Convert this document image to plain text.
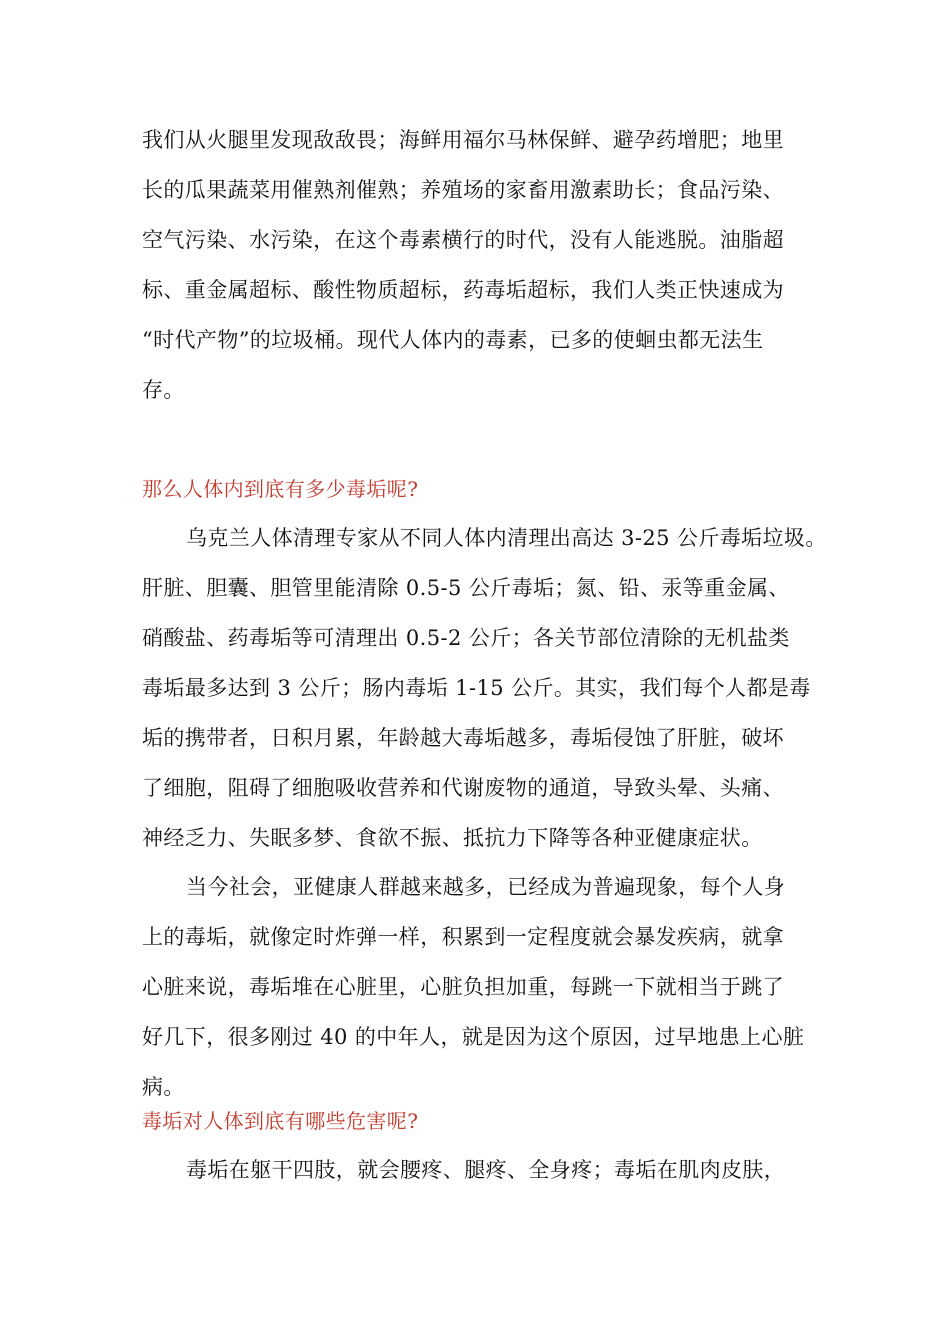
我们从火腿里发现敌敌畏；海鲜用福尔马林保鲜、避孕药增肥；地里
长的瓜果蔬菜用催熟剂催熟；养殖场的家畜用激素助长；食品污染、
空气污染、水污染，在这个毒素横行的时代，没有人能逃脱。油脂超
标、重金属超标、酸性物质超标，药毒垢超标，我们人类正快速成为
“时代产物”的垃圾桶。现代人体内的毒素，已多的使蛔虫都无法生
存。
那么人体内到底有多少毒垢呢?
乌克兰人体清理专家从不同人体内清理出高达 3-25 公斤毒垢垃圾。
肝脏、胆囊、胆管里能清除 0.5-5 公斤毒垢；氮、铅、汞等重金属、
硝酸盐、药毒垢等可清理出 0.5-2 公斤；各关节部位清除的无机盐类
毒垢最多达到 3 公斤；肠内毒垢 1-15 公斤。其实，我们每个人都是毒
垢的携带者，日积月累，年龄越大毒垢越多，毒垢侵蚀了肝脏，破坏
了细胞，阻碍了细胞吸收营养和代谢废物的通道，导致头晕、头痛、
神经乏力、失眠多梦、食欲不振、抵抗力下降等各种亚健康症状。
当今社会，亚健康人群越来越多，已经成为普遍现象，每个人身
上的毒垢，就像定时炸弹一样，积累到一定程度就会暴发疾病，就拿
心脏来说，毒垢堆在心脏里，心脏负担加重，每跳一下就相当于跳了
好几下，很多刚过 40 的中年人，就是因为这个原因，过早地患上心脏
病。
毒垢对人体到底有哪些危害呢?
毒垢在躯干四肢，就会腰疼、腿疼、全身疼；毒垢在肌肉皮肤，
